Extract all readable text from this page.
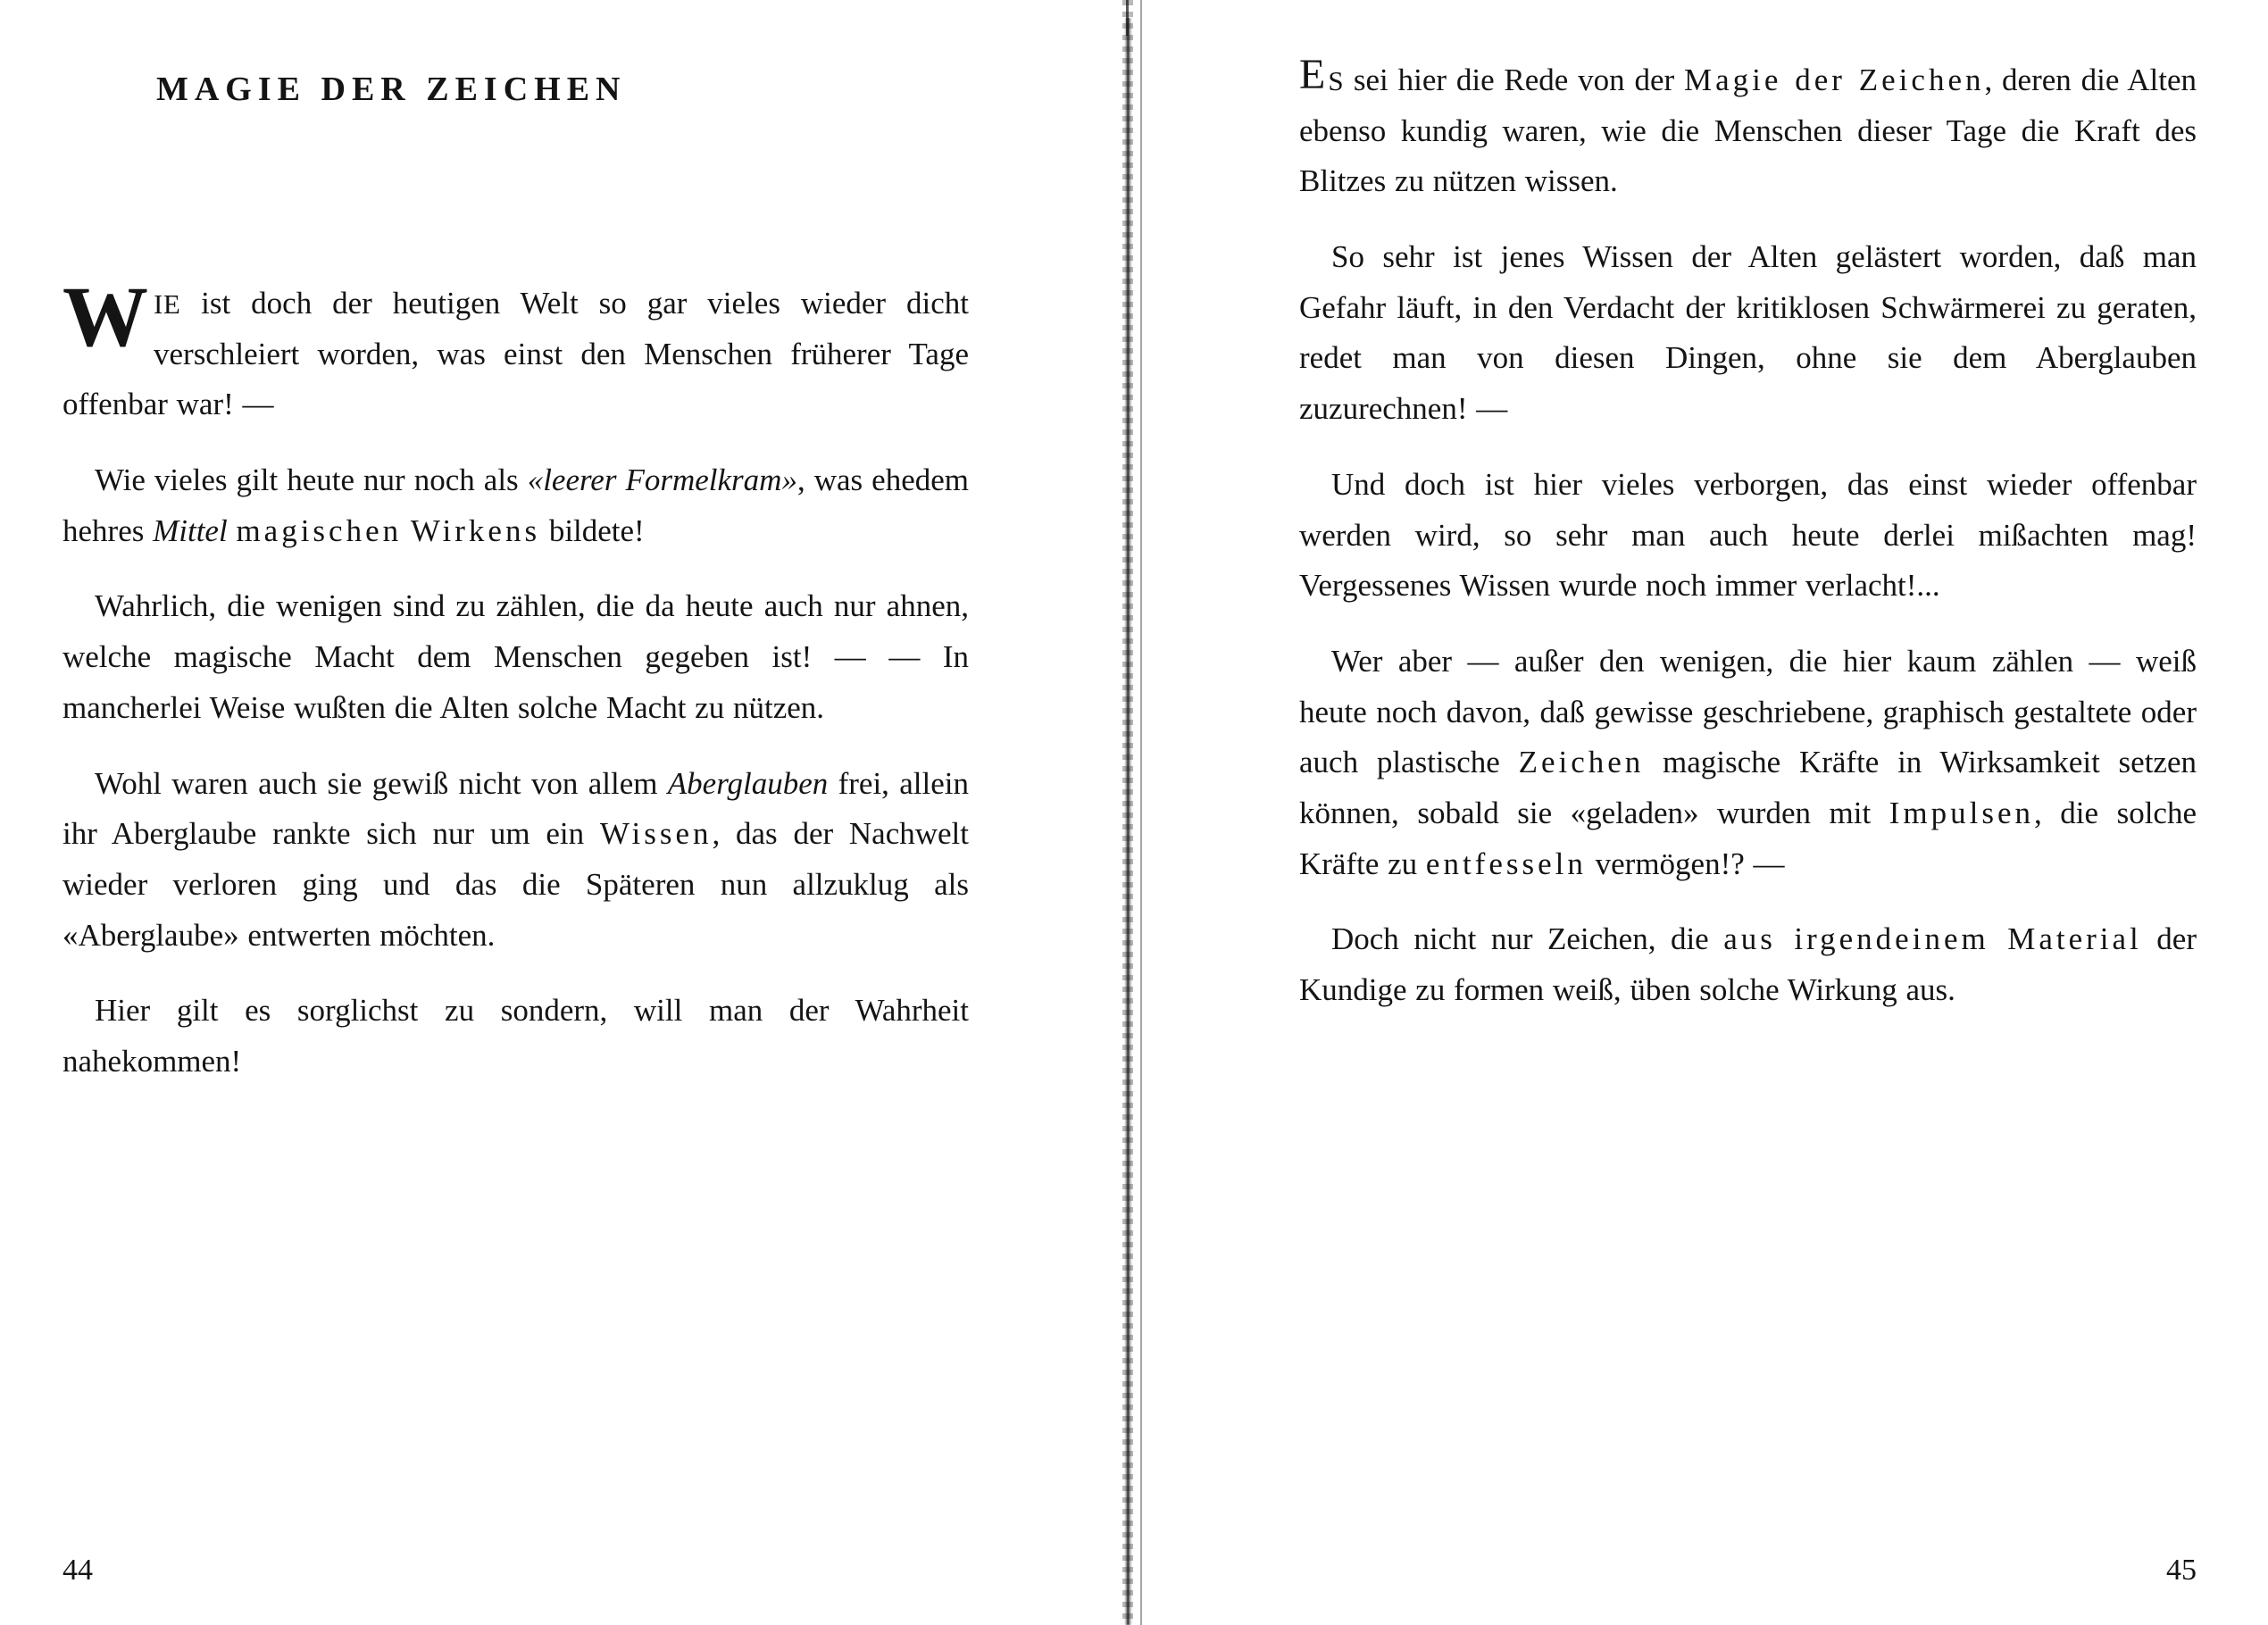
MAGIE DER ZEICHEN

WIE ist doch der heutigen Welt so gar vieles wieder dicht verschleiert worden, was einst den Menschen früherer Tage offenbar war! —

Wie vieles gilt heute nur noch als «leerer Formelkram», was ehedem hehres Mittel magischen Wirkens bildete!

Wahrlich, die wenigen sind zu zählen, die da heute auch nur ahnen, welche magische Macht dem Menschen gegeben ist! — — In mancherlei Weise wußten die Alten solche Macht zu nützen.

Wohl waren auch sie gewiß nicht von allem Aberglauben frei, allein ihr Aberglaube rankte sich nur um ein Wissen, das der Nachwelt wieder verloren ging und das die Späteren nun allzuklug als «Aberglaube» entwerten möchten.

Hier gilt es sorglichst zu sondern, will man der Wahrheit nahekommen!

44

E S sei hier die Rede von der Magie der Zeichen, deren die Alten ebenso kundig waren, wie die Menschen dieser Tage die Kraft des Blitzes zu nützen wissen.

So sehr ist jenes Wissen der Alten gelästert worden, daß man Gefahr läuft, in den Verdacht der kritiklosen Schwärmerei zu geraten, redet man von diesen Dingen, ohne sie dem Aberglauben zuzurechnen! —

Und doch ist hier vieles verborgen, das einst wieder offenbar werden wird, so sehr man auch heute derlei mißachten mag! Vergessenes Wissen wurde noch immer verlacht!...

Wer aber — außer den wenigen, die hier kaum zählen — weiß heute noch davon, daß gewisse geschriebene, graphisch gestaltete oder auch plastische Zeichen magische Kräfte in Wirksamkeit setzen können, sobald sie «geladen» wurden mit Impulsen, die solche Kräfte zu entfesseln vermögen!? —

Doch nicht nur Zeichen, die aus irgendeinem Material der Kundige zu formen weiß, üben solche Wirkung aus.

45
